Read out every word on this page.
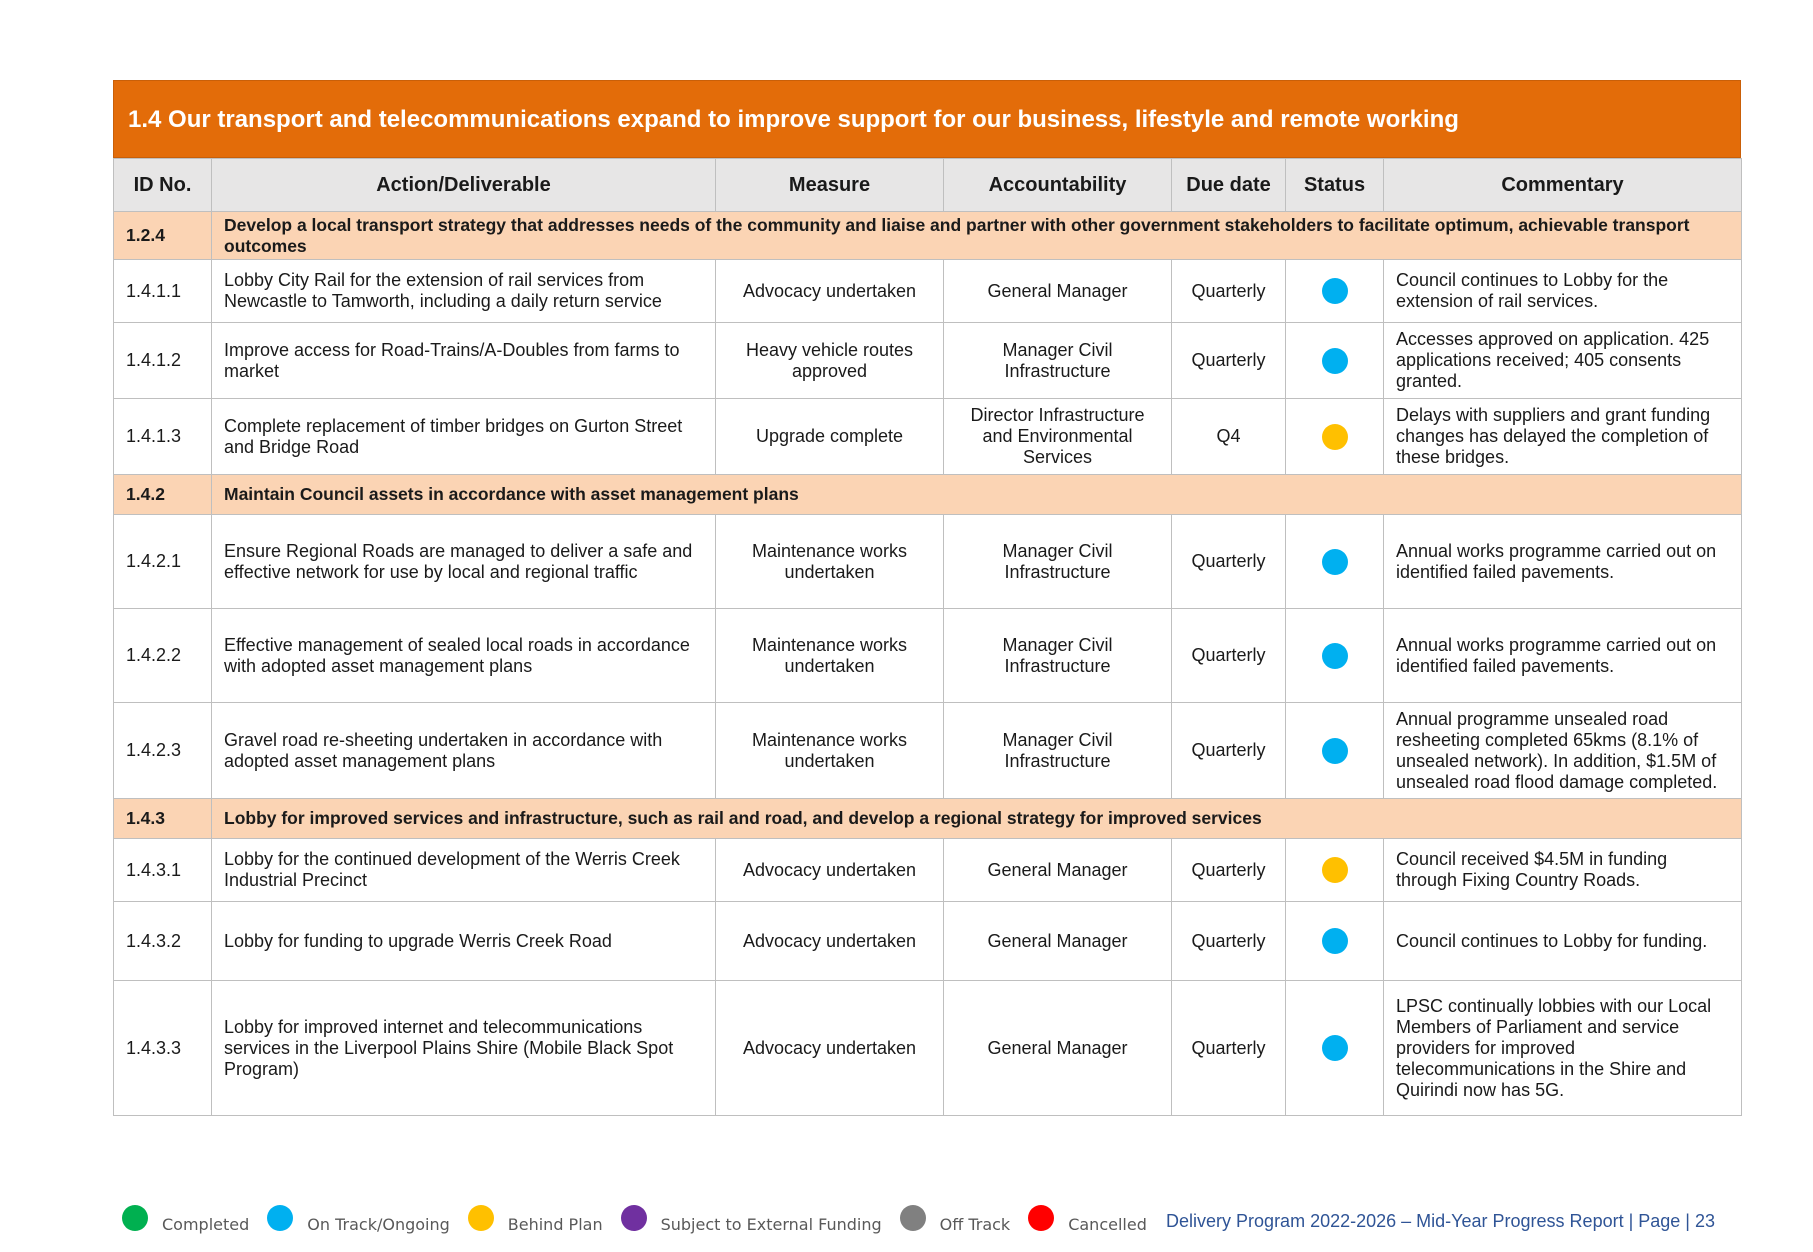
1.4 Our transport and telecommunications expand to improve support for our business, lifestyle and remote working
ID No.	Action/Deliverable	Measure	Accountability	Due date	Status	Commentary
1.2.4	Develop a local transport strategy that addresses needs of the community and liaise and partner with other government stakeholders to facilitate optimum, achievable transport outcomes					
1.4.1.1	Lobby City Rail for the extension of rail services from Newcastle to Tamworth, including a daily return service	Advocacy undertaken	General Manager	Quarterly		Council continues to Lobby for the extension of rail services.
1.4.1.2	Improve access for Road-Trains/A-Doubles from farms to market	Heavy vehicle routes approved	Manager Civil Infrastructure	Quarterly		Accesses approved on application. 425 applications received; 405 consents granted.
1.4.1.3	Complete replacement of timber bridges on Gurton Street and Bridge Road	Upgrade complete	Director Infrastructure and Environmental Services	Q4		Delays with suppliers and grant funding changes has delayed the completion of these bridges.
1.4.2	Maintain Council assets in accordance with asset management plans					
1.4.2.1	Ensure Regional Roads are managed to deliver a safe and effective network for use by local and regional traffic	Maintenance works undertaken	Manager Civil Infrastructure	Quarterly		Annual works programme carried out on identified failed pavements.
1.4.2.2	Effective management of sealed local roads in accordance with adopted asset management plans	Maintenance works undertaken	Manager Civil Infrastructure	Quarterly		Annual works programme carried out on identified failed pavements.
1.4.2.3	Gravel road re-sheeting undertaken in accordance with adopted asset management plans	Maintenance works undertaken	Manager Civil Infrastructure	Quarterly		Annual programme unsealed road resheeting completed 65kms (8.1% of unsealed network). In addition, $1.5M of unsealed road flood damage completed.
1.4.3	Lobby for improved services and infrastructure, such as rail and road, and develop a regional strategy for improved services					
1.4.3.1	Lobby for the continued development of the Werris Creek Industrial Precinct	Advocacy undertaken	General Manager	Quarterly		Council received $4.5M in funding through Fixing Country Roads.
1.4.3.2	Lobby for funding to upgrade Werris Creek Road	Advocacy undertaken	General Manager	Quarterly		Council continues to Lobby for funding.
1.4.3.3	Lobby for improved internet and telecommunications services in the Liverpool Plains Shire (Mobile Black Spot Program)	Advocacy undertaken	General Manager	Quarterly		LPSC continually lobbies with our Local Members of Parliament and service providers for improved telecommunications in the Shire and Quirindi now has 5G.
Completed	On Track/Ongoing	Behind Plan	Subject to External Funding	Off Track	Cancelled	Delivery Program 2022-2026 – Mid-Year Progress Report | Page | 23
